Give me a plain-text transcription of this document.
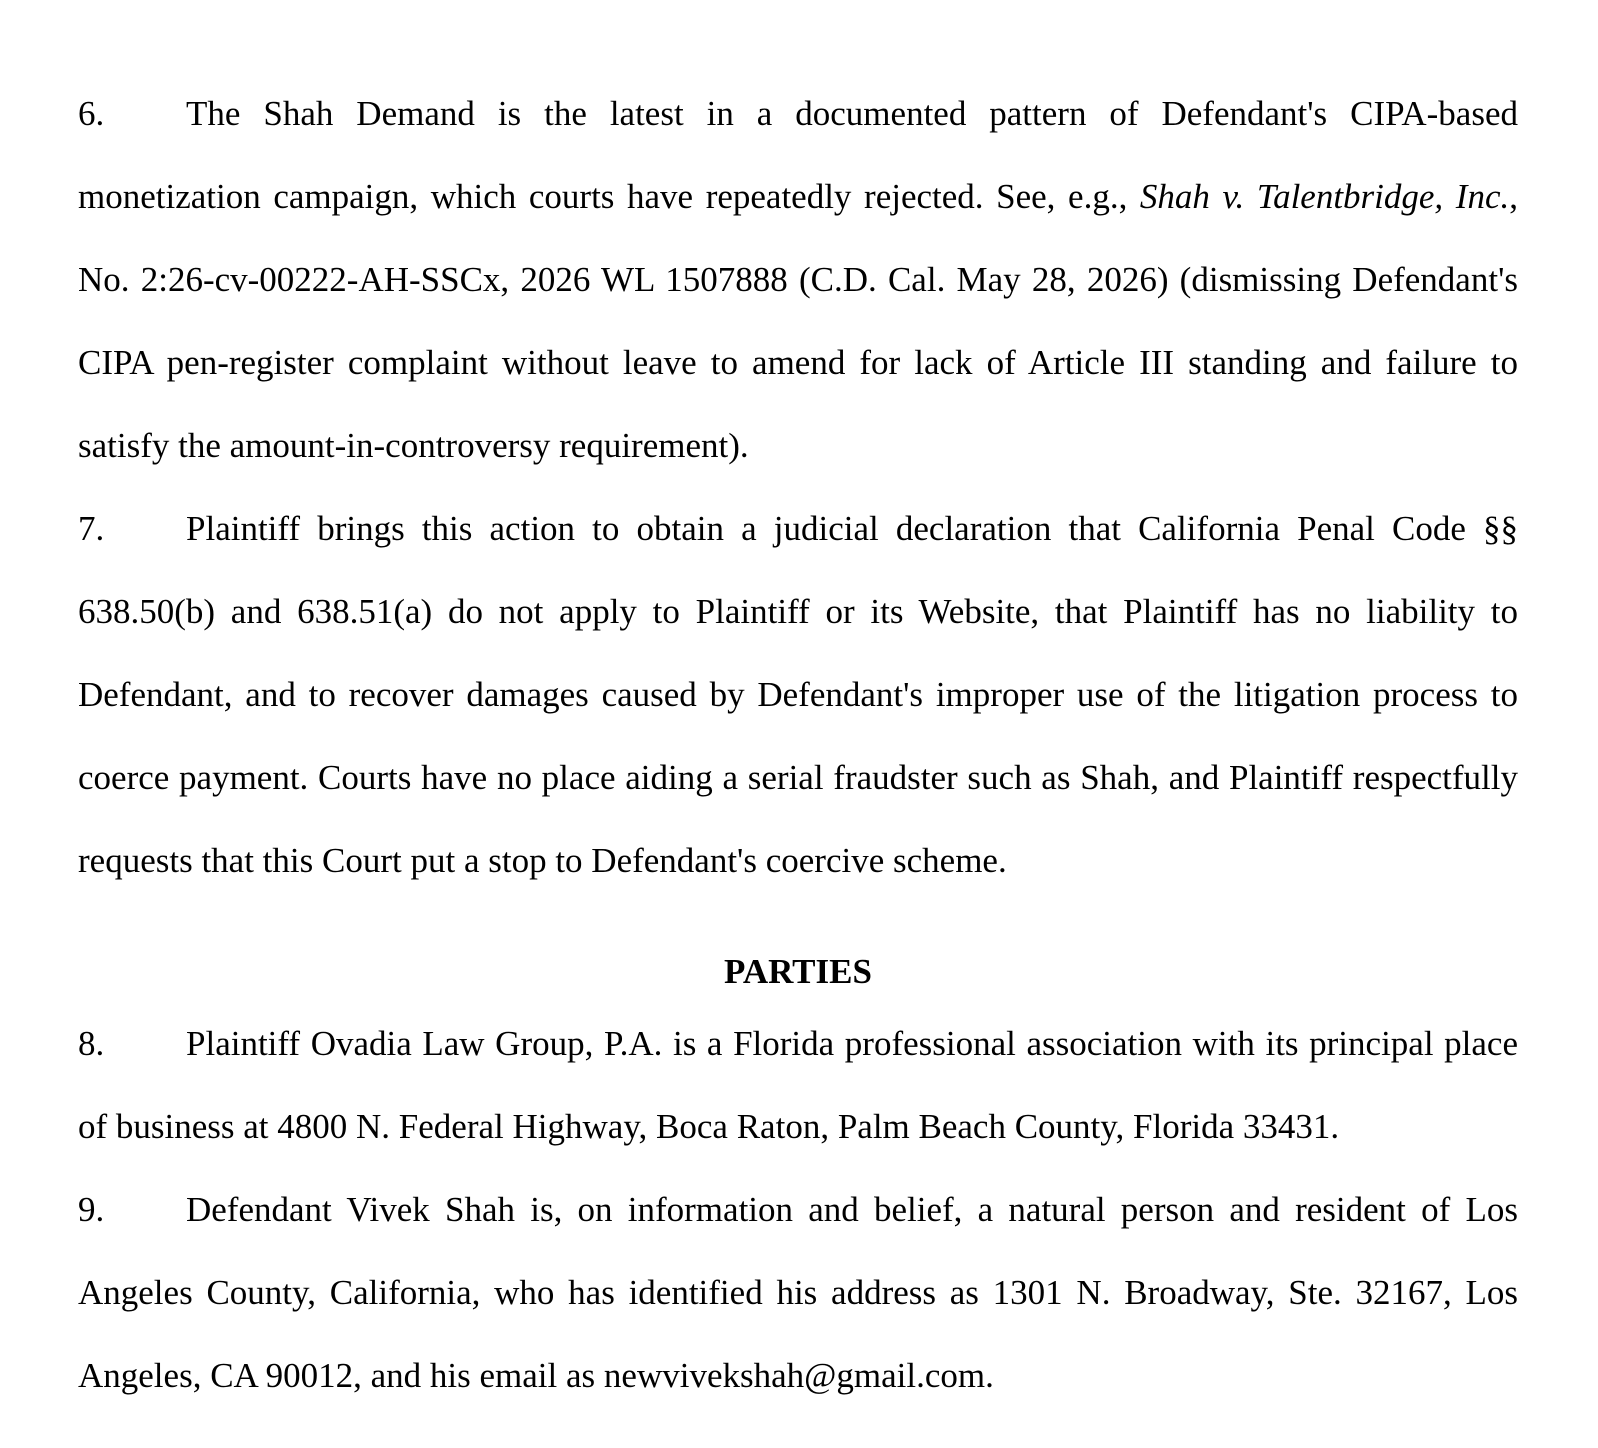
6. The Shah Demand is the latest in a documented pattern of Defendant's CIPA-based monetization campaign, which courts have repeatedly rejected. See, e.g., Shah v. Talentbridge, Inc., No. 2:26-cv-00222-AH-SSCx, 2026 WL 1507888 (C.D. Cal. May 28, 2026) (dismissing Defendant's CIPA pen-register complaint without leave to amend for lack of Article III standing and failure to satisfy the amount-in-controversy requirement).

7. Plaintiff brings this action to obtain a judicial declaration that California Penal Code §§ 638.50(b) and 638.51(a) do not apply to Plaintiff or its Website, that Plaintiff has no liability to Defendant, and to recover damages caused by Defendant's improper use of the litigation process to coerce payment. Courts have no place aiding a serial fraudster such as Shah, and Plaintiff respectfully requests that this Court put a stop to Defendant's coercive scheme.

PARTIES

8. Plaintiff Ovadia Law Group, P.A. is a Florida professional association with its principal place of business at 4800 N. Federal Highway, Boca Raton, Palm Beach County, Florida 33431.

9. Defendant Vivek Shah is, on information and belief, a natural person and resident of Los Angeles County, California, who has identified his address as 1301 N. Broadway, Ste. 32167, Los Angeles, CA 90012, and his email as newvivekshah@gmail.com.
